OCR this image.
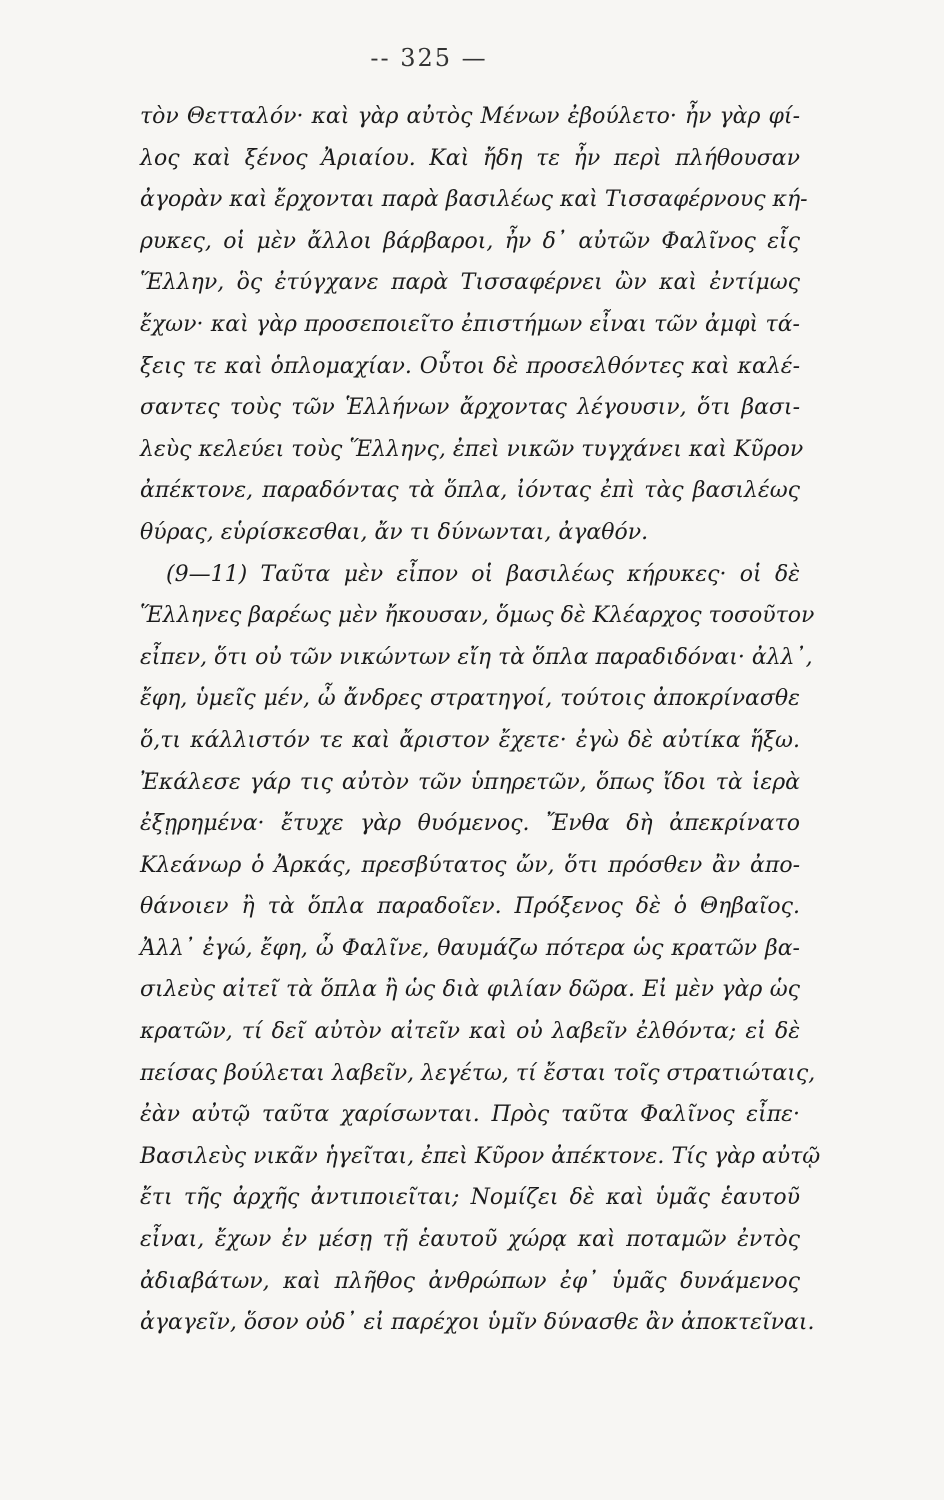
-- 325 —
τὸν Θετταλόν· καὶ γὰρ αὐτὸς Μένων ἐβούλετο· ἦν γὰρ φί-
λος καὶ ξένος Ἀριαίου. Καὶ ἤδη τε ἦν περὶ πλήθουσαν
ἀγορὰν καὶ ἔρχονται παρὰ βασιλέως καὶ Τισσαφέρνους κή-
ρυκες, οἱ μὲν ἄλλοι βάρβαροι, ἦν δ᾽ αὐτῶν Φαλῖνος εἷς
Ἕλλην, ὃς ἐτύγχανε παρὰ Τισσαφέρνει ὢν καὶ ἐντίμως
ἔχων· καὶ γὰρ προσεποιεῖτο ἐπιστήμων εἶναι τῶν ἀμφὶ τά-
ξεις τε καὶ ὁπλομαχίαν. Οὗτοι δὲ προσελθόντες καὶ καλέ-
σαντες τοὺς τῶν Ἑλλήνων ἄρχοντας λέγουσιν, ὅτι βασι-
λεὺς κελεύει τοὺς Ἕλληνς, ἐπεὶ νικῶν τυγχάνει καὶ Κῦρον
ἀπέκτονε, παραδόντας τὰ ὅπλα, ἰόντας ἐπὶ τὰς βασιλέως
θύρας, εὑρίσκεσθαι, ἄν τι δύνωνται, ἀγαθόν.
(9—11) Ταῦτα μὲν εἶπον οἱ βασιλέως κήρυκες· οἱ δὲ
Ἕλληνες βαρέως μὲν ἤκουσαν, ὅμως δὲ Κλέαρχος τοσοῦτον
εἶπεν, ὅτι οὐ τῶν νικώντων εἴη τὰ ὅπλα παραδιδόναι· ἀλλ᾽,
ἔφη, ὑμεῖς μέν, ὦ ἄνδρες στρατηγοί, τούτοις ἀποκρίνασθε
ὅ,τι κάλλιστόν τε καὶ ἄριστον ἔχετε· ἐγὼ δὲ αὐτίκα ἥξω.
Ἐκάλεσε γάρ τις αὐτὸν τῶν ὑπηρετῶν, ὅπως ἴδοι τὰ ἱερὰ
ἐξῃρημένα· ἔτυχε γὰρ θυόμενος. Ἔνθα δὴ ἀπεκρίνατο
Κλεάνωρ ὁ Ἀρκάς, πρεσβύτατος ὤν, ὅτι πρόσθεν ἂν ἀπο-
θάνοιεν ἢ τὰ ὅπλα παραδοῖεν. Πρόξενος δὲ ὁ Θηβαῖος.
Ἀλλ᾽ ἐγώ, ἔφη, ὦ Φαλῖνε, θαυμάζω πότερα ὡς κρατῶν βα-
σιλεὺς αἰτεῖ τὰ ὅπλα ἢ ὡς διὰ φιλίαν δῶρα. Εἰ μὲν γὰρ ὡς
κρατῶν, τί δεῖ αὐτὸν αἰτεῖν καὶ οὐ λαβεῖν ἐλθόντα; εἰ δὲ
πείσας βούλεται λαβεῖν, λεγέτω, τί ἔσται τοῖς στρατιώταις,
ἐὰν αὐτῷ ταῦτα χαρίσωνται. Πρὸς ταῦτα Φαλῖνος εἶπε·
Βασιλεὺς νικᾶν ἡγεῖται, ἐπεὶ Κῦρον ἀπέκτονε. Τίς γὰρ αὐτῷ
ἔτι τῆς ἀρχῆς ἀντιποιεῖται; Νομίζει δὲ καὶ ὑμᾶς ἑαυτοῦ
εἶναι, ἔχων ἐν μέσῃ τῇ ἑαυτοῦ χώρᾳ καὶ ποταμῶν ἐντὸς
ἀδιαβάτων, καὶ πλῆθος ἀνθρώπων ἐφ᾽ ὑμᾶς δυνάμενος
ἀγαγεῖν, ὅσον οὐδ᾽ εἰ παρέχοι ὑμῖν δύνασθε ἂν ἀποκτεῖναι.
